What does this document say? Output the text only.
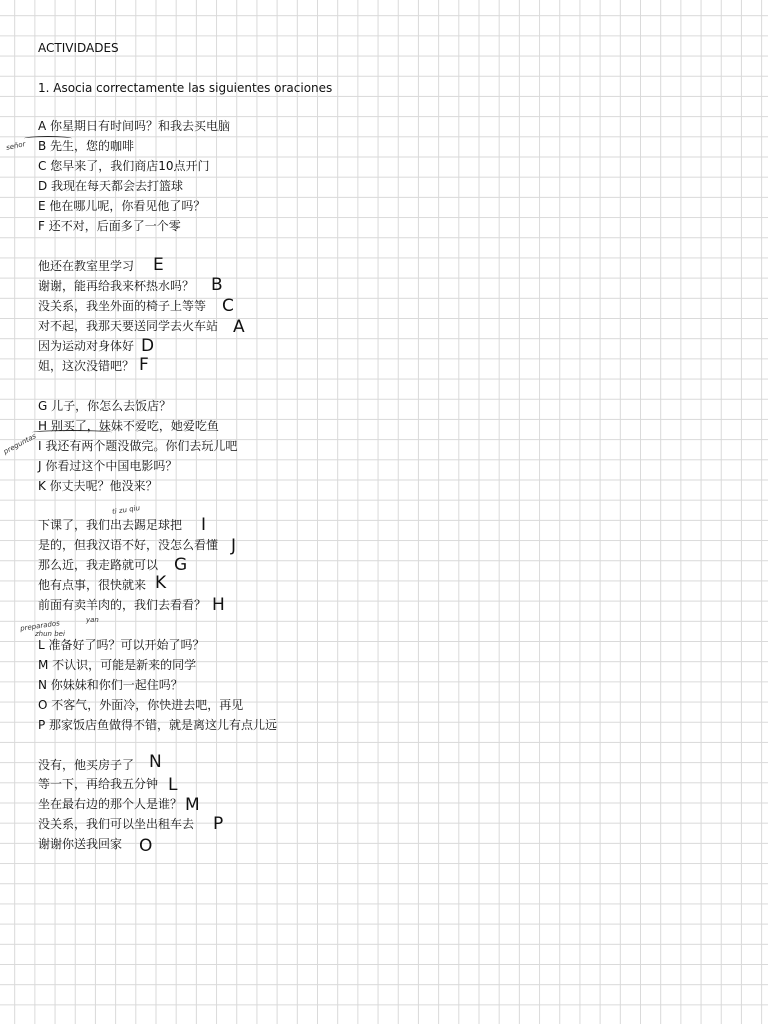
ACTIVIDADES
1. Asocia correctamente las siguientes oraciones
A 你星期日有时间吗？和我去买电脑
B 先生，您的咖啡
C 您早来了，我们商店10点开门
D 我现在每天都会去打篮球
E 他在哪儿呢，你看见他了吗？
F 还不对，后面多了一个零
señor
他还在教室里学习 E
谢谢，能再给我来杯热水吗？ B
没关系，我坐外面的椅子上等等 C
对不起，我那天要送同学去火车站 A
因为运动对身体好 D
姐，这次没错吧？ F
G 儿子，你怎么去饭店？
H 别买了，妹妹不爱吃，她爱吃鱼
I 我还有两个题没做完。你们去玩儿吧
J 你看过这个中国电影吗？
K 你丈夫呢？他没来？
preguntas
ti zu qiu
下课了，我们出去踢足球把 I
是的，但我汉语不好，没怎么看懂 J
那么近，我走路就可以 G
他有点事，很快就来 K
前面有卖羊肉的，我们去看看？ H
preparados
zhun bei
yan
L 准备好了吗？可以开始了吗？
M 不认识，可能是新来的同学
N 你妹妹和你们一起住吗？
O 不客气，外面冷，你快进去吧，再见
P 那家饭店鱼做得不错，就是离这儿有点儿远
没有，他买房子了 N
等一下，再给我五分钟 L
坐在最右边的那个人是谁？ M
没关系，我们可以坐出租车去 P
谢谢你送我回家 O
